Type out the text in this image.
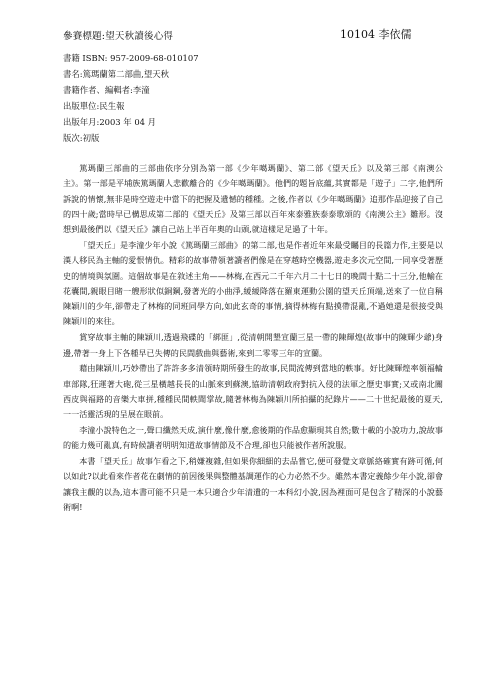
參賽標題:望天秋讀後心得	10104 李依儒
書籍 ISBN: 957-2009-68-010107
書名:篤瑪蘭第二部曲,望天秋
書籍作者、編輯者:李潼
出版單位:民生報
出版年月:2003 年 04 月
版次:初版

篤瑪蘭三部曲的三部曲依序分別為第一部《少年噶瑪蘭》、第二部《望天丘》以及第三部《南澳公主》。第一部是平埔族篤瑪蘭人悲歡離合的《少年噶瑪蘭》。他們的題旨底蘊,其實都是「遊子」二字,他們所訴說的情懷,無非是時空遊走中當下的把握及遺憾的種種。之後,作者以《少年噶瑪蘭》追那作品迎接了自己的四十歲;當時早已構思成第二部的《望天丘》及第三部以百年來泰雅族泰泰歌頌的《南澳公主》雛形。沒想到最後們以《望天丘》讓自己站上半百年奧的山頭,就這樣足足過了十年。

「望天丘」是李潼少年小說《篤瑪蘭三部曲》的第二部,也是作者近年來最受矚目的長篇力作,主要是以漢人移民為主軸的愛恨情仇。精彩的故事帶領著讀者們像是在穿越時空機器,遊走多次元空間,一同享受著歷史的情境與氛圍。這個故事是在敘述主角——林梅,在西元二千年六月二十七日的晚間十點二十三分,他輸在花囊間,親眼目睹一艘形狀似銅鋼,發著光的小曲淨,緩緩降落在羅東運動公園的望天丘頂端,送來了一位自稱陳穎川的少年,卻帶走了林梅的同班同學方向,如此玄奇的事情,摘得林梅有點摸帶混亂,不過她還是很接受與陳穎川的來往。

賞穿故事主軸的陳穎川,透過飛碟的「綁匪」,從清朝開墾宣蘭三星一帶的陳輝煌(故事中的陳輝少爺)身邊,帶著一身上下各種早已失傳的民間戲曲與藝術,來到二零零三年的宣蘭。

藉由陳穎川,巧妙帶出了許許多多清領時期所發生的故事,民間流傳到當地的軼事。好比陳輝煌率領福輪車部隊,狂運著大砲,從三星橫越長長的山脈來到蘇澳,協助清朝政府對抗入侵的法軍之歷史事實;又或南北關西皮與福路的音樂大車拼,種種民間軼聞掌故,隨著林梅為陳穎川所拍攝的紀錄片——二十世紀最後的夏天,一一活靈活現的呈展在眼前。

李潼小說特色之一,聲口纖然天成,演什麼,像什麼,愈後期的作品愈顯現其自然;數十載的小說功力,說故事的能力幾可亂真,有時候讀者明明知道故事情節及不合理,卻也只能被作者所說服。

本書「望天丘」故事乍看之下,稍嫌複雜,但如果你細細的去品嘗它,便可發覺文章脈絡確實有跡可循,何以如此?以此看來作者花在劇情的前因後果與整體基調運作的心力必然不少。雖然本書定義餘少年小說,卻會讓我主觀的以為,這本書可能不只是一本只適合少年清遺的一本科幻小說,因為裡面可是包含了精深的小說藝術啊!
